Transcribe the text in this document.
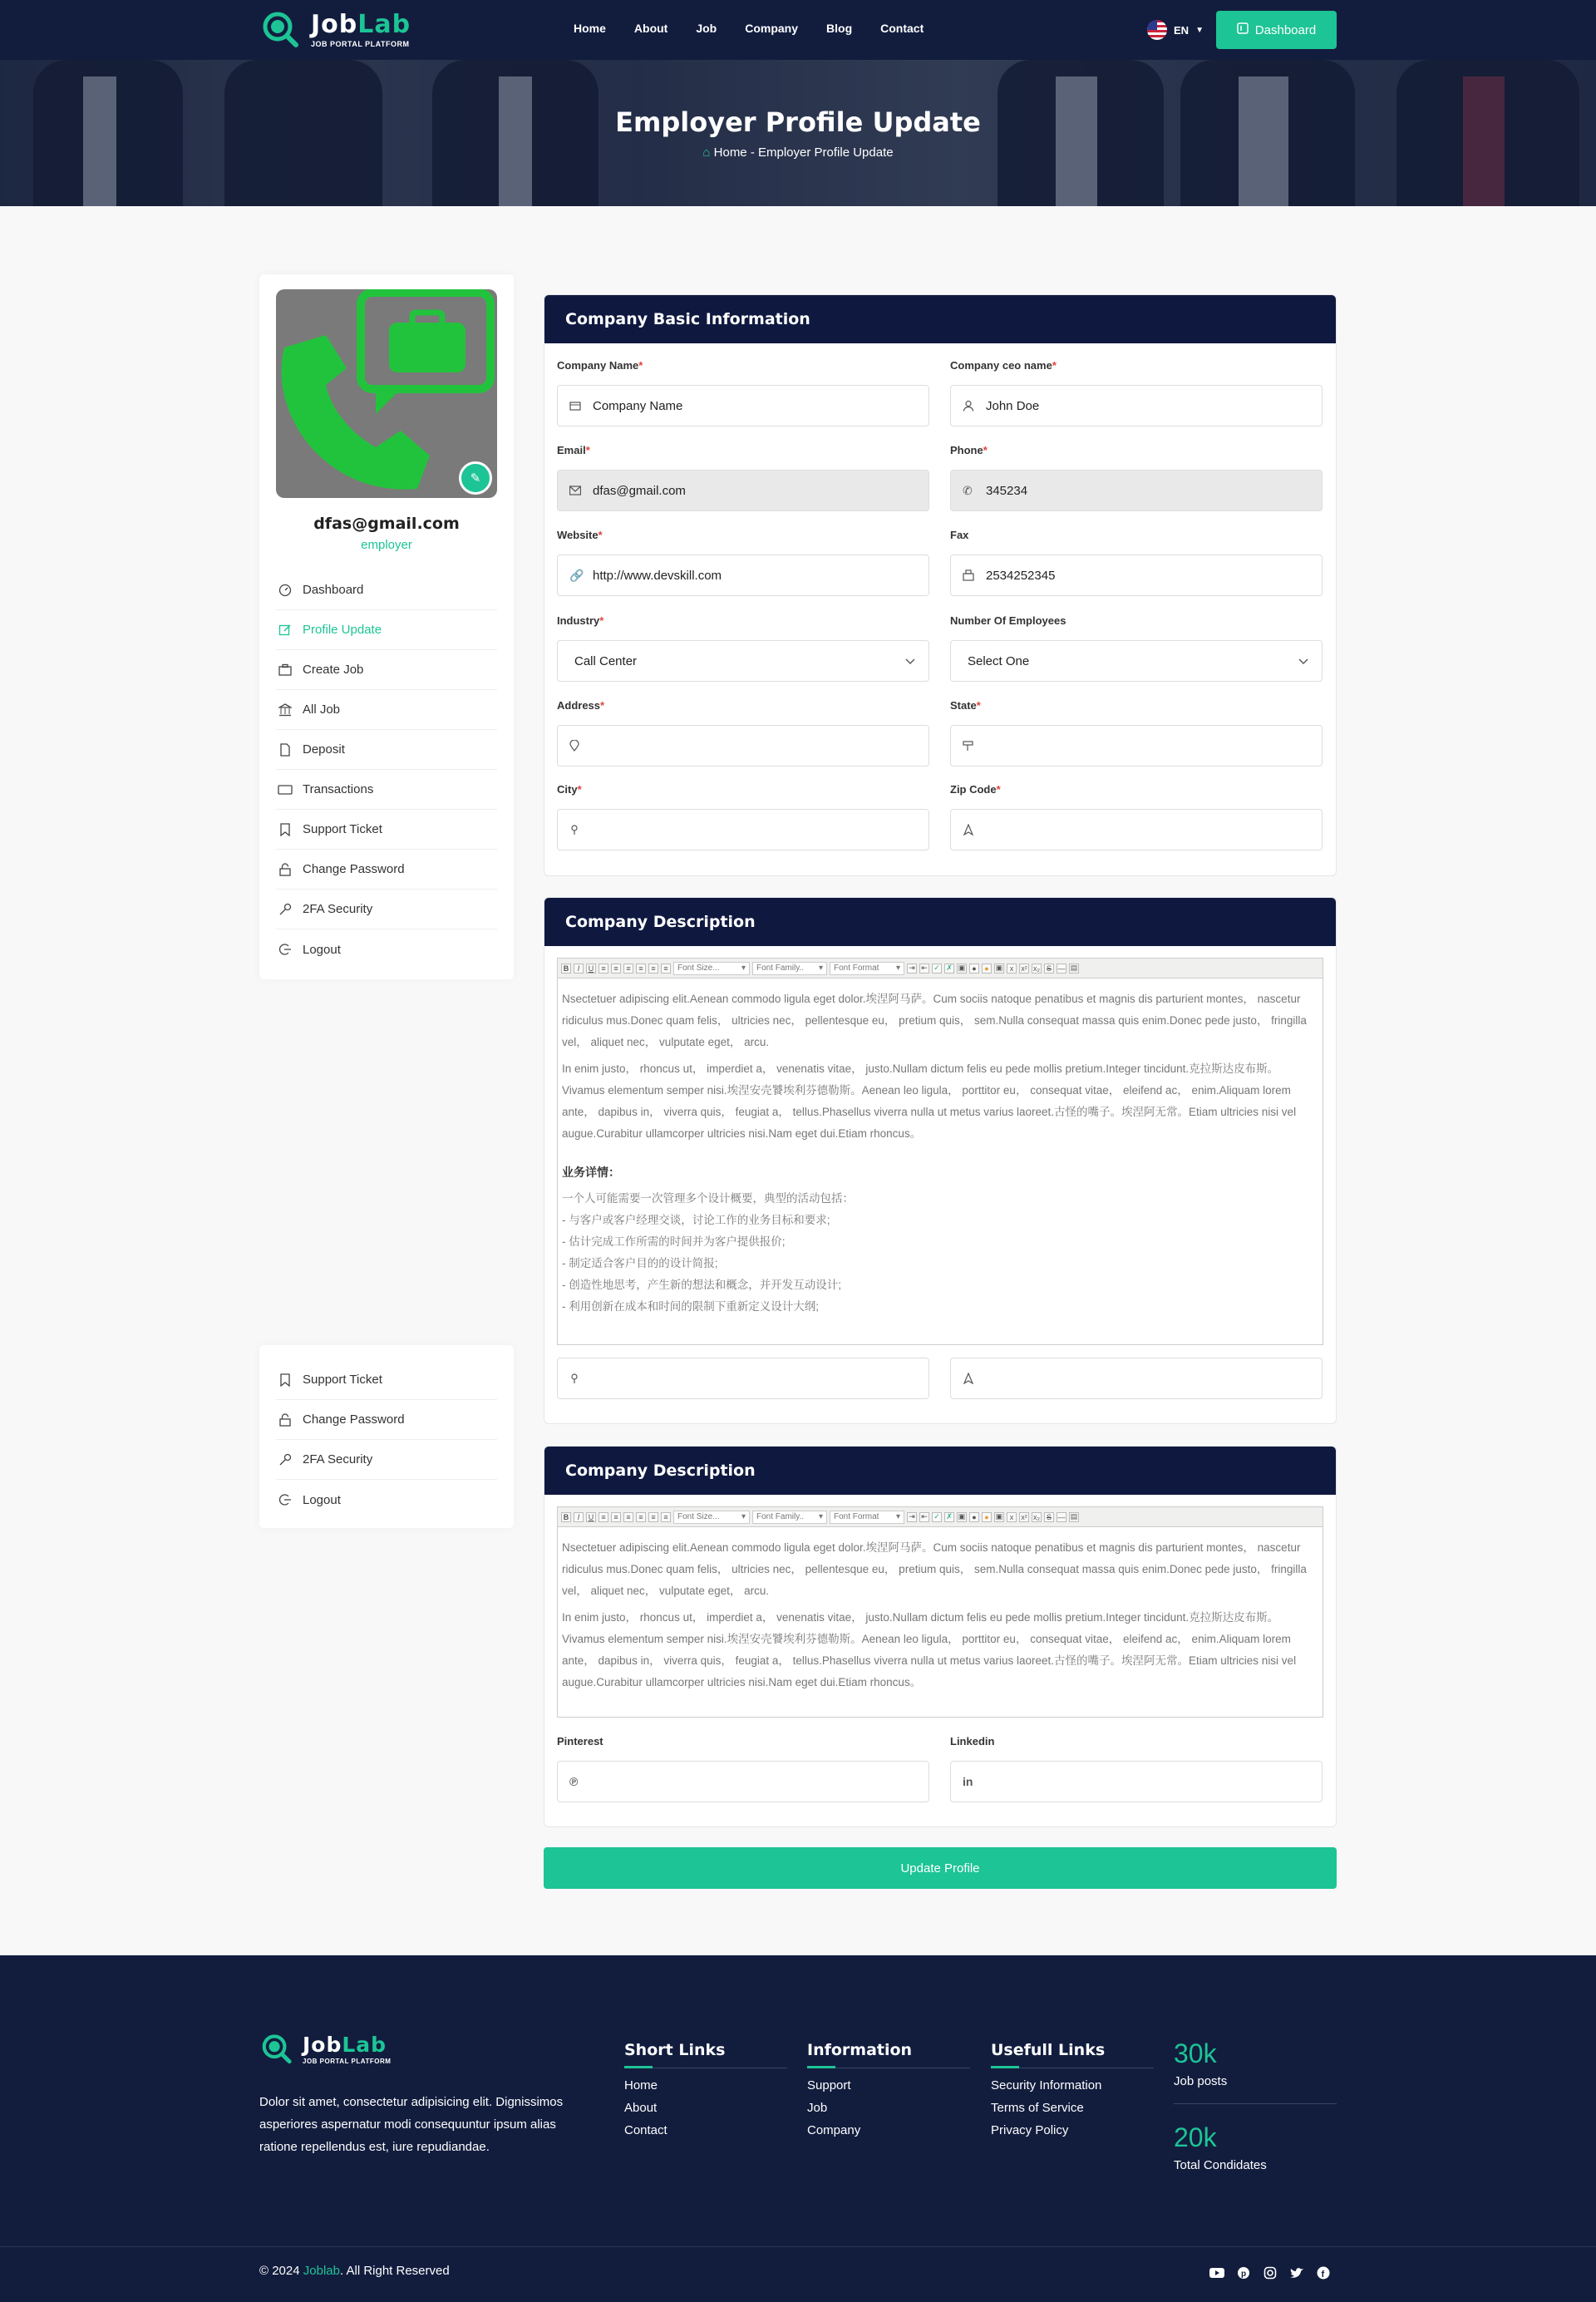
JobLab
JOB PORTAL PLATFORM
Home About Job Company Blog Contact	EN ▼	Dashboard
Employer Profile Update
⌂ Home - Employer Profile Update
✎
dfas@gmail.com
employer
Dashboard
Profile Update
Create Job
All Job
Deposit
Transactions
Support Ticket
Change Password
2FA Security
Logout
Support Ticket
Change Password
2FA Security
Logout
Company Basic Information
Company Name*
Company Name
Company ceo name*
John Doe
Email*
dfas@gmail.com
Phone*
✆ 345234
Website*
🔗 http://www.devskill.com
Fax
2534252345
Industry*
Call Center
Number Of Employees
Select One
Address*	State*
City*	Zip Code*
Company Description
B I U	≡	≡	≡	≡	≡	≡	Font Size...	▾ Font Family.. ▾ Font Format ▾ ⇥ ⇤ ✓ ✗ ▣ ●	● ▣ x	x² x₂ S ― ▤

Nsectetuer adipiscing elit.Aenean commodo ligula eget dolor.埃涅阿马萨。Cum sociis natoque penatibus et magnis dis parturient montes， nascetur ridiculus mus.Donec quam felis， ultricies nec， pellentesque eu， pretium quis， sem.Nulla consequat massa quis enim.Donec pede justo， fringilla vel， aliquet nec， vulputate eget， arcu.

In enim justo， rhoncus ut， imperdiet a， venenatis vitae， justo.Nullam dictum felis eu pede mollis pretium.Integer tincidunt.克拉斯达皮布斯。Vivamus elementum semper nisi.埃涅安壳饕埃利芬德勒斯。Aenean leo ligula， porttitor eu， consequat vitae， eleifend ac， enim.Aliquam lorem ante， dapibus in， viverra quis， feugiat a， tellus.Phasellus viverra nulla ut metus varius laoreet.古怪的嘴子。埃涅阿无常。Etiam ultricies nisi vel augue.Curabitur ullamcorper ultricies nisi.Nam eget dui.Etiam rhoncus。

业务详情：
一个人可能需要一次管理多个设计概要，典型的活动包括：
- 与客户或客户经理交谈，讨论工作的业务目标和要求;
- 估计完成工作所需的时间并为客户提供报价;
- 制定适合客户目的的设计简报;
- 创造性地思考，产生新的想法和概念，并开发互动设计;
- 利用创新在成本和时间的限制下重新定义设计大纲;
Company Description
B I U	≡	≡	≡	≡	≡	≡	Font Size...	▾ Font Family.. ▾ Font Format ▾ ⇥ ⇤ ✓ ✗ ▣ ●	● ▣ x	x² x₂ S ― ▤

Nsectetuer adipiscing elit.Aenean commodo ligula eget dolor.埃涅阿马萨。Cum sociis natoque penatibus et magnis dis parturient montes， nascetur ridiculus mus.Donec quam felis， ultricies nec， pellentesque eu， pretium quis， sem.Nulla consequat massa quis enim.Donec pede justo， fringilla vel， aliquet nec， vulputate eget， arcu.

In enim justo， rhoncus ut， imperdiet a， venenatis vitae， justo.Nullam dictum felis eu pede mollis pretium.Integer tincidunt.克拉斯达皮布斯。Vivamus elementum semper nisi.埃涅安壳饕埃利芬德勒斯。Aenean leo ligula， porttitor eu， consequat vitae， eleifend ac， enim.Aliquam lorem ante， dapibus in， viverra quis， feugiat a， tellus.Phasellus viverra nulla ut metus varius laoreet.古怪的嘴子。埃涅阿无常。Etiam ultricies nisi vel augue.Curabitur ullamcorper ultricies nisi.Nam eget dui.Etiam rhoncus。

Pinterest
℗
Linkedin
in
Update Profile
JobLab
JOB PORTAL PLATFORM
Dolor sit amet, consectetur adipisicing elit. Dignissimos asperiores aspernatur modi consequuntur ipsum alias ratione repellendus est, iure repudiandae.
Short Links
Home
About
Contact
Information
Support
Job
Company
Usefull Links
Security Information
Terms of Service
Privacy Policy
30k
Job posts
20k
Total Condidates
© 2024 Joblab. All Right Reserved	p	f
